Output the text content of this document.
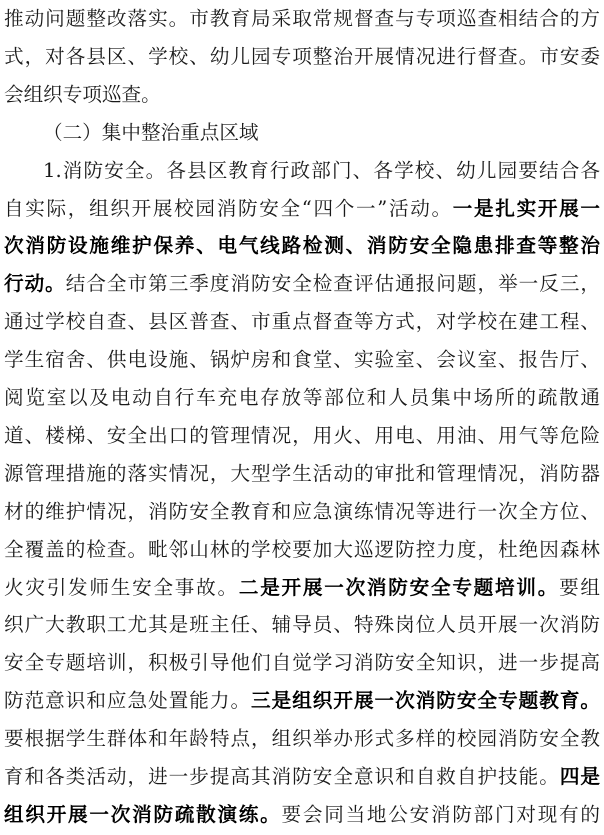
推动问题整改落实。市教育局采取常规督查与专项巡查相结合的方
式，对各县区、学校、幼儿园专项整治开展情况进行督查。市安委
会组织专项巡查。
（二）集中整治重点区域
1.消防安全。各县区教育行政部门、各学校、幼儿园要结合各
自实际，组织开展校园消防安全“四个一”活动。一是扎实开展一
次消防设施维护保养、电气线路检测、消防安全隐患排查等整治
行动。结合全市第三季度消防安全检查评估通报问题，举一反三，
通过学校自查、县区普查、市重点督查等方式，对学校在建工程、
学生宿舍、供电设施、锅炉房和食堂、实验室、会议室、报告厅、
阅览室以及电动自行车充电存放等部位和人员集中场所的疏散通
道、楼梯、安全出口的管理情况，用火、用电、用油、用气等危险
源管理措施的落实情况，大型学生活动的审批和管理情况，消防器
材的维护情况，消防安全教育和应急演练情况等进行一次全方位、
全覆盖的检查。毗邻山林的学校要加大巡逻防控力度，杜绝因森林
火灾引发师生安全事故。二是开展一次消防安全专题培训。要组
织广大教职工尤其是班主任、辅导员、特殊岗位人员开展一次消防
安全专题培训，积极引导他们自觉学习消防安全知识，进一步提高
防范意识和应急处置能力。三是组织开展一次消防安全专题教育。
要根据学生群体和年龄特点，组织举办形式多样的校园消防安全教
育和各类活动，进一步提高其消防安全意识和自救自护技能。四是
组织开展一次消防疏散演练。要会同当地公安消防部门对现有的
